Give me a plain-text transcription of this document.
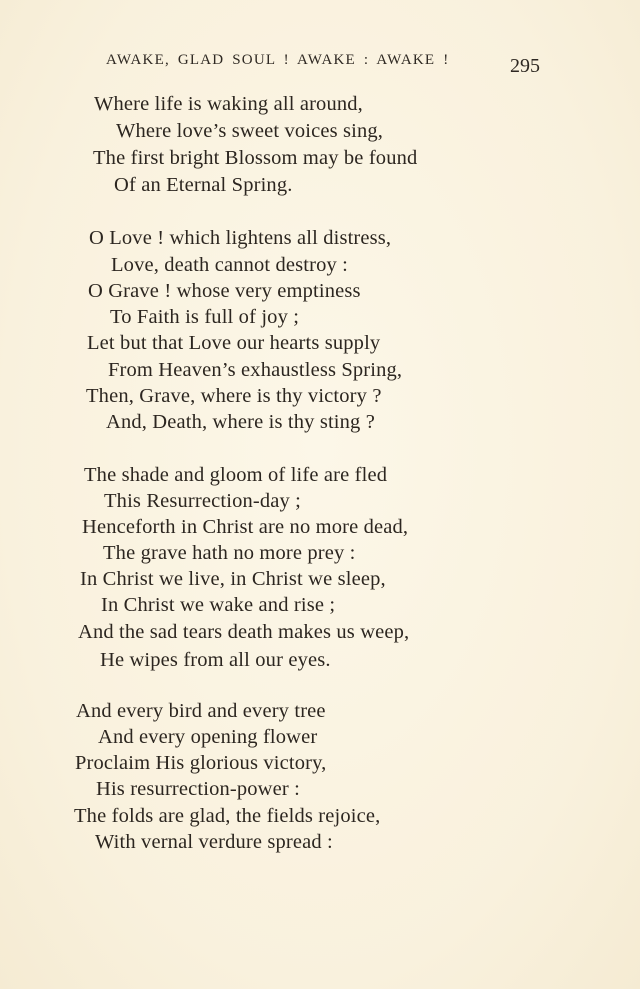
AWAKE, GLAD SOUL ! AWAKE : AWAKE !	295
Where life is waking all around,
Where love’s sweet voices sing,
The first bright Blossom may be found
Of an Eternal Spring.
O Love ! which lightens all distress,
Love, death cannot destroy :
O Grave ! whose very emptiness
To Faith is full of joy ;
Let but that Love our hearts supply
From Heaven’s exhaustless Spring,
Then, Grave, where is thy victory ?
And, Death, where is thy sting ?
The shade and gloom of life are fled
This Resurrection-day ;
Henceforth in Christ are no more dead,
The grave hath no more prey :
In Christ we live, in Christ we sleep,
In Christ we wake and rise ;
And the sad tears death makes us weep,
He wipes from all our eyes.
And every bird and every tree
And every opening flower
Proclaim His glorious victory,
His resurrection-power :
The folds are glad, the fields rejoice,
With vernal verdure spread :
